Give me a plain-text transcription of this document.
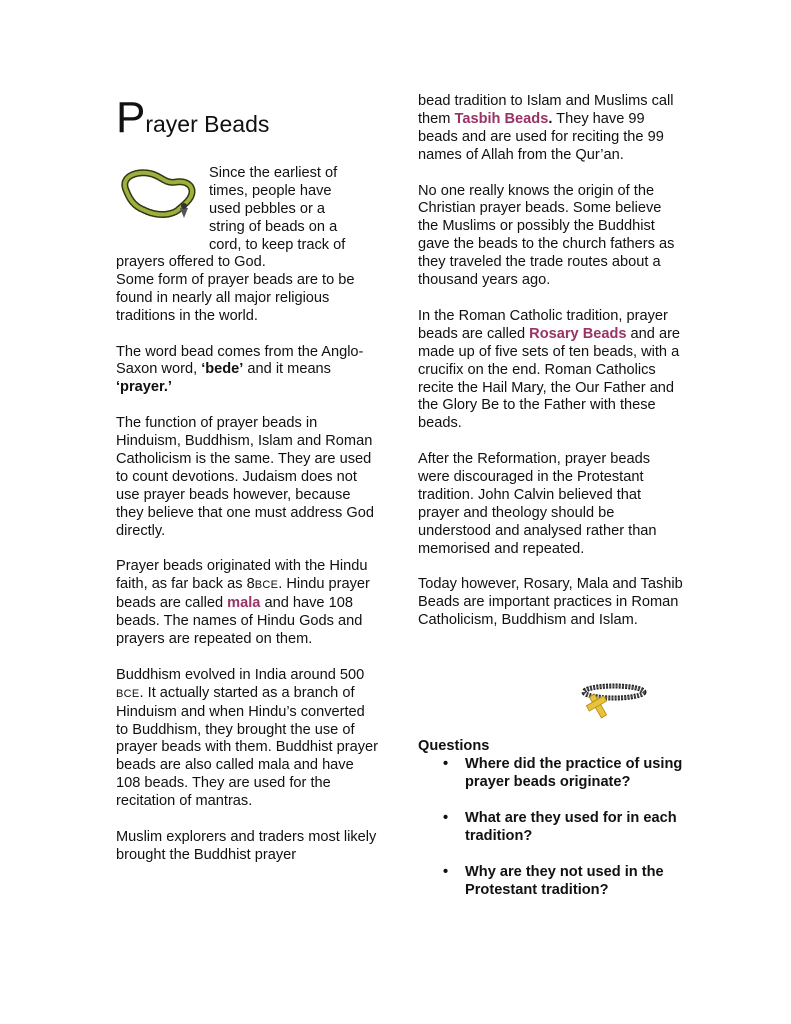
Prayer Beads

Since the earliest of

times, people have

used pebbles or a

string of beads on a

cord, to keep track of

prayers offered to God.

Some form of prayer beads are to be found in nearly all major religious traditions in the world.

The word bead comes from the Anglo-Saxon word, ‘bede’ and it means ‘prayer.’

The function of prayer beads in Hinduism, Buddhism, Islam and Roman Catholicism is the same. They are used to count devotions. Judaism does not use prayer beads however, because they believe that one must address God directly.

Prayer beads originated with the Hindu faith, as far back as 8BCE. Hindu prayer beads are called mala and have 108 beads. The names of Hindu Gods and prayers are repeated on them.

Buddhism evolved in India around 500 BCE. It actually started as a branch of Hinduism and when Hindu’s converted to Buddhism, they brought the use of prayer beads with them. Buddhist prayer beads are also called mala and have 108 beads. They are used for the recitation of mantras.

Muslim explorers and traders most likely brought the Buddhist prayer

bead tradition to Islam and Muslims call them Tasbih Beads. They have 99 beads and are used for reciting the 99 names of Allah from the Qur’an.

No one really knows the origin of the Christian prayer beads. Some believe the Muslims or possibly the Buddhist gave the beads to the church fathers as they traveled the trade routes about a thousand years ago.

In the Roman Catholic tradition, prayer beads are called Rosary Beads and are made up of five sets of ten beads, with a crucifix on the end. Roman Catholics recite the Hail Mary, the Our Father and the Glory Be to the Father with these beads.

After the Reformation, prayer beads were discouraged in the Protestant tradition. John Calvin believed that prayer and theology should be understood and analysed rather than memorised and repeated.

Today however, Rosary, Mala and Tashib Beads are important practices in Roman Catholicism, Buddhism and Islam.

Questions
• Where did the practice of using prayer beads originate?
• What are they used for in each tradition?
• Why are they not used in the Protestant tradition?
